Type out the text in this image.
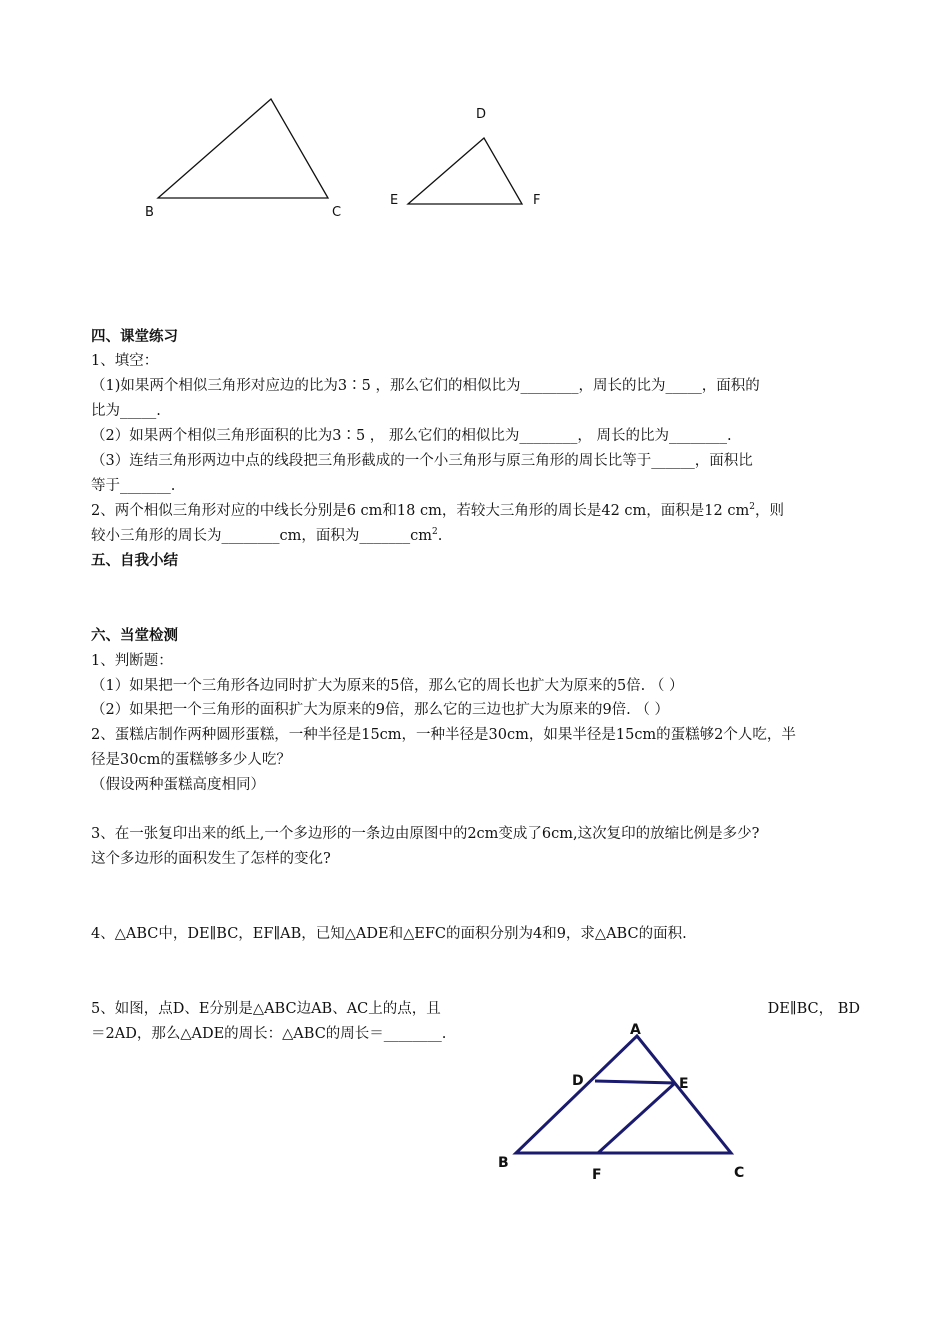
B	C
D
E	F
四、课堂练习
1、填空：
（1)如果两个相似三角形对应边的比为3∶5 ，那么它们的相似比为________，周长的比为_____，面积的
比为_____.
（2）如果两个相似三角形面积的比为3∶5 ， 那么它们的相似比为________， 周长的比为________.
（3）连结三角形两边中点的线段把三角形截成的一个小三角形与原三角形的周长比等于______，面积比
等于_______.
2、两个相似三角形对应的中线长分别是6 cm和18 cm，若较大三角形的周长是42 cm，面积是12 $cm^2$，则
较小三角形的周长为________cm，面积为$\_\_\_\_\_\_\_cm^2$.
五、自我小结
六、当堂检测
1、判断题：
（1）如果把一个三角形各边同时扩大为原来的5倍，那么它的周长也扩大为原来的5倍. （ ）
（2）如果把一个三角形的面积扩大为原来的9倍，那么它的三边也扩大为原来的9倍. （ ）
2、蛋糕店制作两种圆形蛋糕，一种半径是15cm，一种半径是30cm，如果半径是15cm的蛋糕够2个人吃，半
径是30cm的蛋糕够多少人吃？
（假设两种蛋糕高度相同）
3、在一张复印出来的纸上,一个多边形的一条边由原图中的2cm变成了6cm,这次复印的放缩比例是多少?
这个多边形的面积发生了怎样的变化?
4、△ABC中，DE∥BC，EF∥AB，已知△ADE和△EFC的面积分别为4和9，求△ABC的面积.
5、如图，点D、E分别是△ABC边AB、AC上的点，且	DE∥BC， BD
＝2AD，那么△ADE的周长：△ABC的周长＝________.	A
D	E
B
F	C
